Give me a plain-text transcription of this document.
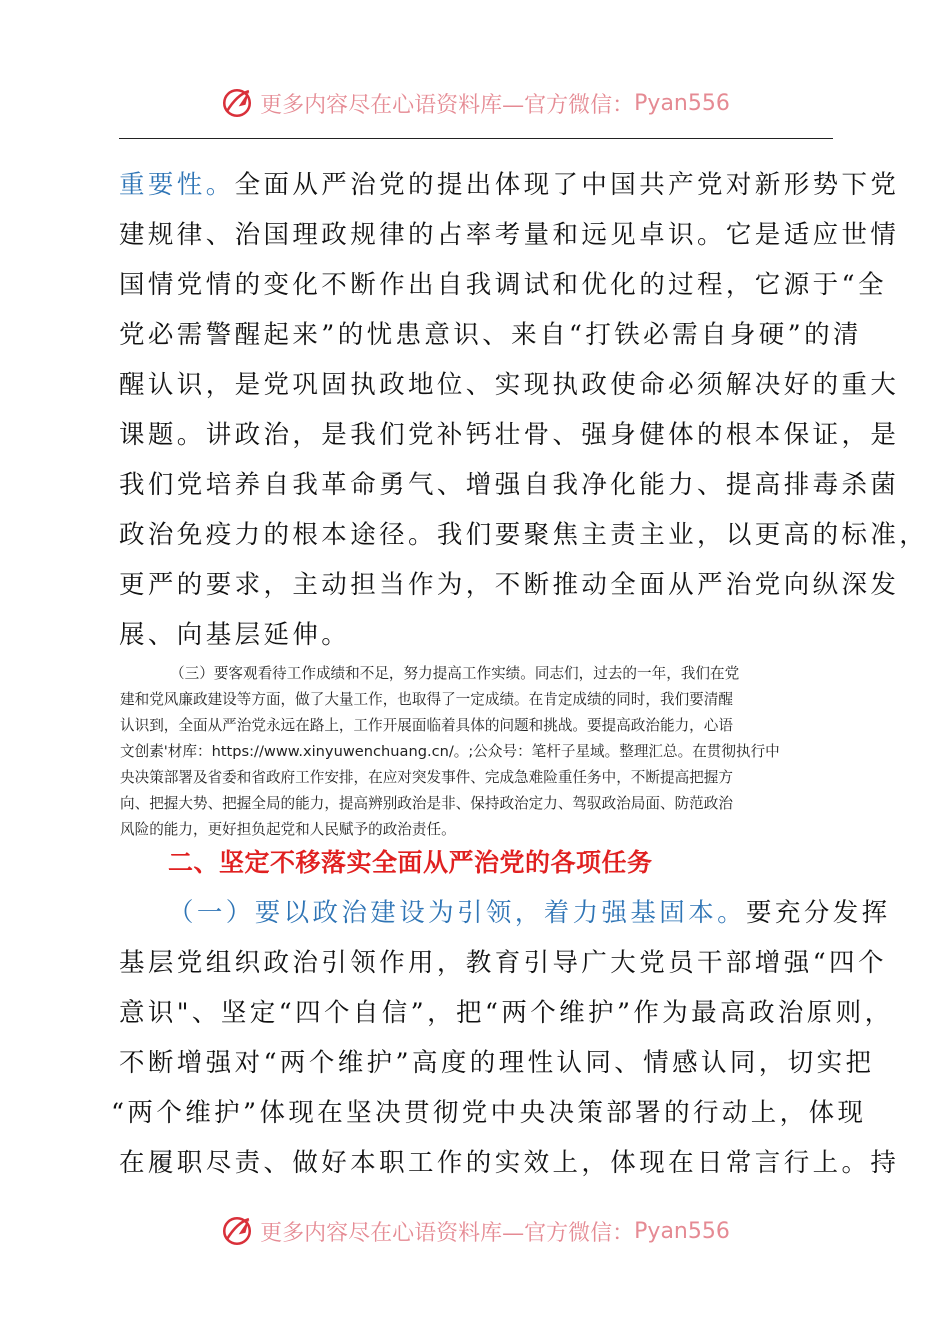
更多内容尽在心语资料库—官方微信： Pyan556
重要性。全面从严治党的提出体现了中国共产党对新形势下党
建规律、治国理政规律的占率考量和远见卓识。它是适应世情
国情党情的变化不断作出自我调试和优化的过程，它源于“全
党必需警醒起来”的忧患意识、来自“打铁必需自身硬”的清
醒认识，是党巩固执政地位、实现执政使命必须解决好的重大
课题。讲政治，是我们党补钙壮骨、强身健体的根本保证，是
我们党培养自我革命勇气、增强自我净化能力、提高排毒杀菌
政治免疫力的根本途径。我们要聚焦主责主业，以更高的标准，
更严的要求，主动担当作为，不断推动全面从严治党向纵深发
展、向基层延伸。
（三）要客观看待工作成绩和不足，努力提高工作实绩。同志们，过去的一年，我们在党
建和党风廉政建设等方面，做了大量工作，也取得了一定成绩。在肯定成绩的同时，我们要清醒
认识到，全面从严治党永远在路上，工作开展面临着具体的问题和挑战。要提高政治能力，心语
文创素'材库：https://www.xinyuwenchuang.cn/。;公众号：笔杆子星域。整理汇总。在贯彻执行中
央决策部署及省委和省政府工作安排，在应对突发事件、完成急难险重任务中，不断提高把握方
向、把握大势、把握全局的能力，提高辨别政治是非、保持政治定力、驾驭政治局面、防范政治
风险的能力，更好担负起党和人民赋予的政治责任。
二、坚定不移落实全面从严治党的各项任务
（一）要以政治建设为引领，着力强基固本。要充分发挥
基层党组织政治引领作用，教育引导广大党员干部增强“四个
意识"、坚定“四个自信”，把“两个维护”作为最高政治原则，
不断增强对“两个维护”高度的理性认同、情感认同，切实把
“两个维护”体现在坚决贯彻党中央决策部署的行动上，体现
在履职尽责、做好本职工作的实效上，体现在日常言行上。持
更多内容尽在心语资料库—官方微信： Pyan556
